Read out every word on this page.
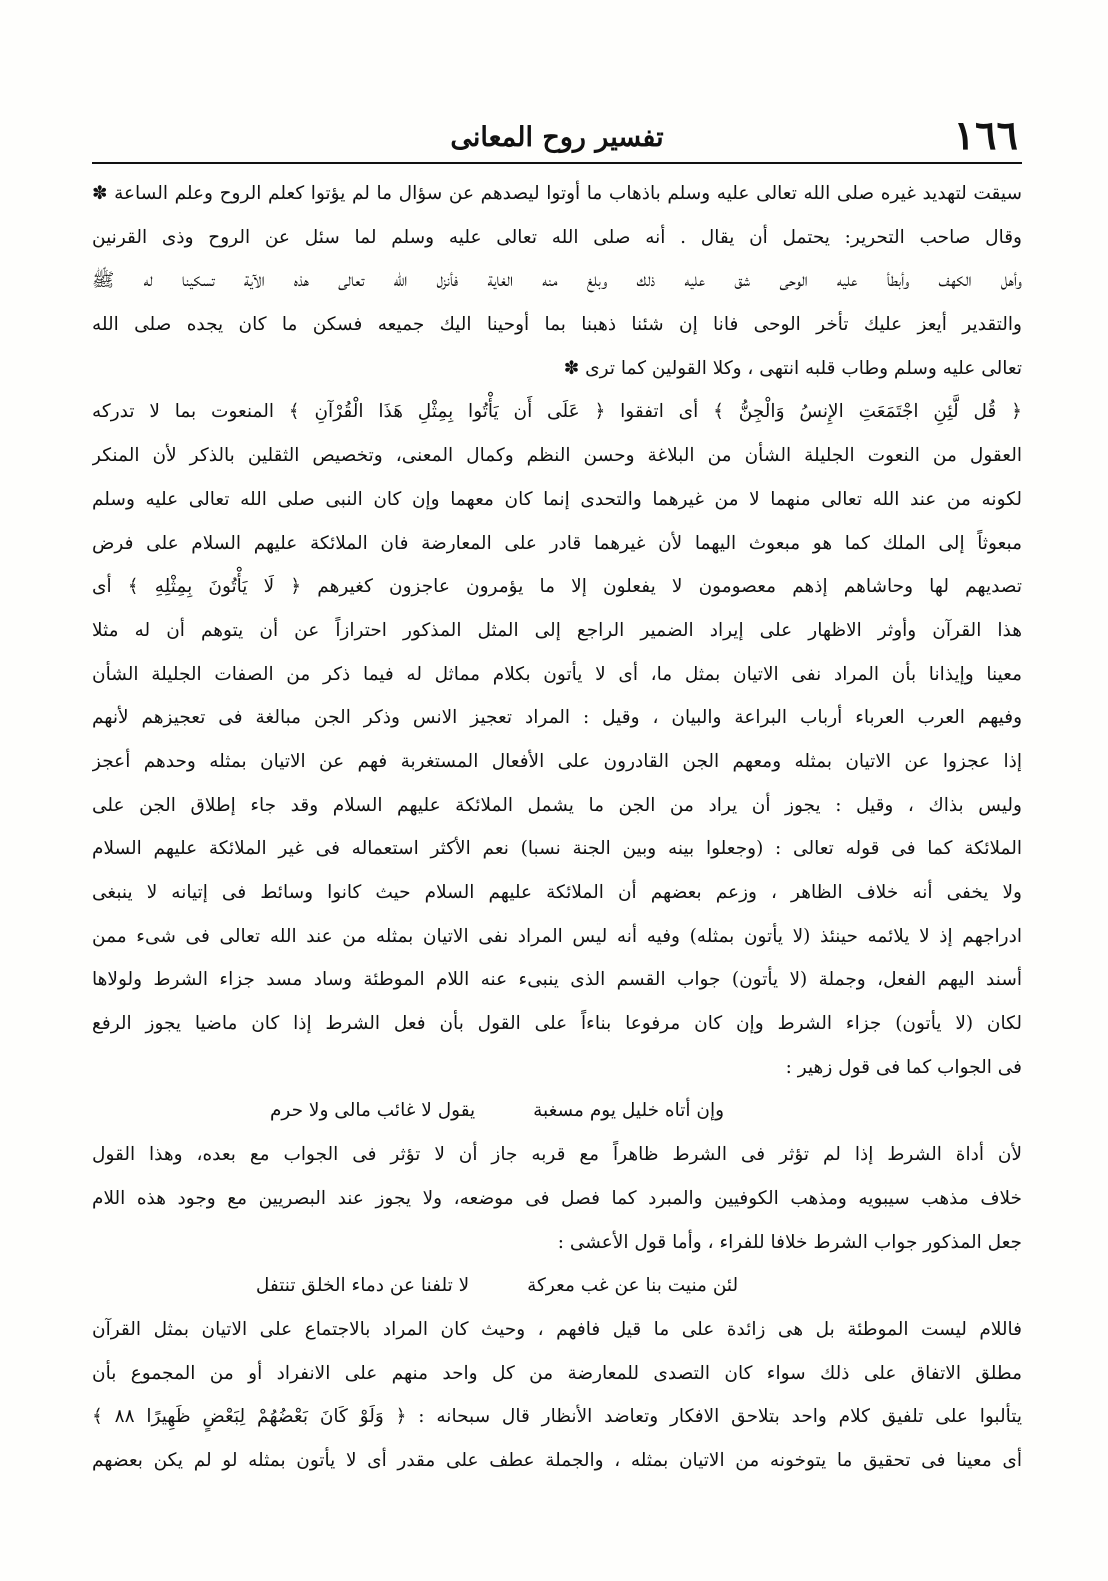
١٦٦
تفسير روح المعانى
سيقت لتهديد غيره صلى الله تعالى عليه وسلم باذهاب ما أوتوا ليصدهم عن سؤال ما لم يؤتوا كعلم الروح وعلم الساعة ✽
وقال صاحب التحرير: يحتمل أن يقال . أنه صلى الله تعالى عليه وسلم لما سئل عن الروح وذى القرنين
وأهل الكهف وأبطأ عليه الوحى شق عليه ذلك وبلغ منه الغاية فأنزل الله تعالى هذه الآية تسكينا له ﷺ
والتقدير أيعز عليك تأخر الوحى فانا إن شئنا ذهبنا بما أوحينا اليك جميعه فسكن ما كان يجده صلى الله
تعالى عليه وسلم وطاب قلبه انتهى ، وكلا القولين كما ترى ✽
﴿ قُل لَّئِنِ اجْتَمَعَتِ الإِنسُ وَالْجِنُّ ﴾ أى اتفقوا ﴿ عَلَى أَن يَأْتُوا بِمِثْلِ هَذَا الْقُرْآنِ ﴾ المنعوت بما لا تدركه
العقول من النعوت الجليلة الشأن من البلاغة وحسن النظم وكمال المعنى، وتخصيص الثقلين بالذكر لأن المنكر
لكونه من عند الله تعالى منهما لا من غيرهما والتحدى إنما كان معهما وإن كان النبى صلى الله تعالى عليه وسلم
مبعوثاً إلى الملك كما هو مبعوث اليهما لأن غيرهما قادر على المعارضة فان الملائكة عليهم السلام على فرض
تصديهم لها وحاشاهم إذهم معصومون لا يفعلون إلا ما يؤمرون عاجزون كغيرهم ﴿ لَا يَأْتُونَ بِمِثْلِهِ ﴾ أى
هذا القرآن وأوثر الاظهار على إيراد الضمير الراجع إلى المثل المذكور احترازاً عن أن يتوهم أن له مثلا
معينا وإيذانا بأن المراد نفى الاتيان بمثل ما، أى لا يأتون بكلام مماثل له فيما ذكر من الصفات الجليلة الشأن
وفيهم العرب العرباء أرباب البراعة والبيان ، وقيل : المراد تعجيز الانس وذكر الجن مبالغة فى تعجيزهم لأنهم
إذا عجزوا عن الاتيان بمثله ومعهم الجن القادرون على الأفعال المستغربة فهم عن الاتيان بمثله وحدهم أعجز
وليس بذاك ، وقيل : يجوز أن يراد من الجن ما يشمل الملائكة عليهم السلام وقد جاء إطلاق الجن على
الملائكة كما فى قوله تعالى : (وجعلوا بينه وبين الجنة نسبا) نعم الأكثر استعماله فى غير الملائكة عليهم السلام
ولا يخفى أنه خلاف الظاهر ، وزعم بعضهم أن الملائكة عليهم السلام حيث كانوا وسائط فى إتيانه لا ينبغى
ادراجهم إذ لا يلائمه حينئذ (لا يأتون بمثله) وفيه أنه ليس المراد نفى الاتيان بمثله من عند الله تعالى فى شىء ممن
أسند اليهم الفعل، وجملة (لا يأتون) جواب القسم الذى ينبىء عنه اللام الموطئة وساد مسد جزاء الشرط ولولاها
لكان (لا يأتون) جزاء الشرط وإن كان مرفوعا بناءاً على القول بأن فعل الشرط إذا كان ماضيا يجوز الرفع
فى الجواب كما فى قول زهير :
وإن أتاه خليل يوم مسغبة يقول لا غائب مالى ولا حرم
لأن أداة الشرط إذا لم تؤثر فى الشرط ظاهراً مع قربه جاز أن لا تؤثر فى الجواب مع بعده، وهذا القول
خلاف مذهب سيبويه ومذهب الكوفيين والمبرد كما فصل فى موضعه، ولا يجوز عند البصريين مع وجود هذه اللام
جعل المذكور جواب الشرط خلافا للفراء ، وأما قول الأعشى :
لئن منيت بنا عن غب معركة لا تلفنا عن دماء الخلق تنتفل
فاللام ليست الموطئة بل هى زائدة على ما قيل فافهم ، وحيث كان المراد بالاجتماع على الاتيان بمثل القرآن
مطلق الاتفاق على ذلك سواء كان التصدى للمعارضة من كل واحد منهم على الانفراد أو من المجموع بأن
يتألبوا على تلفيق كلام واحد بتلاحق الافكار وتعاضد الأنظار قال سبحانه : ﴿ وَلَوْ كَانَ بَعْضُهُمْ لِبَعْضٍ ظَهِيرًا ٨٨ ﴾
أى معينا فى تحقيق ما يتوخونه من الاتيان بمثله ، والجملة عطف على مقدر أى لا يأتون بمثله لو لم يكن بعضهم
